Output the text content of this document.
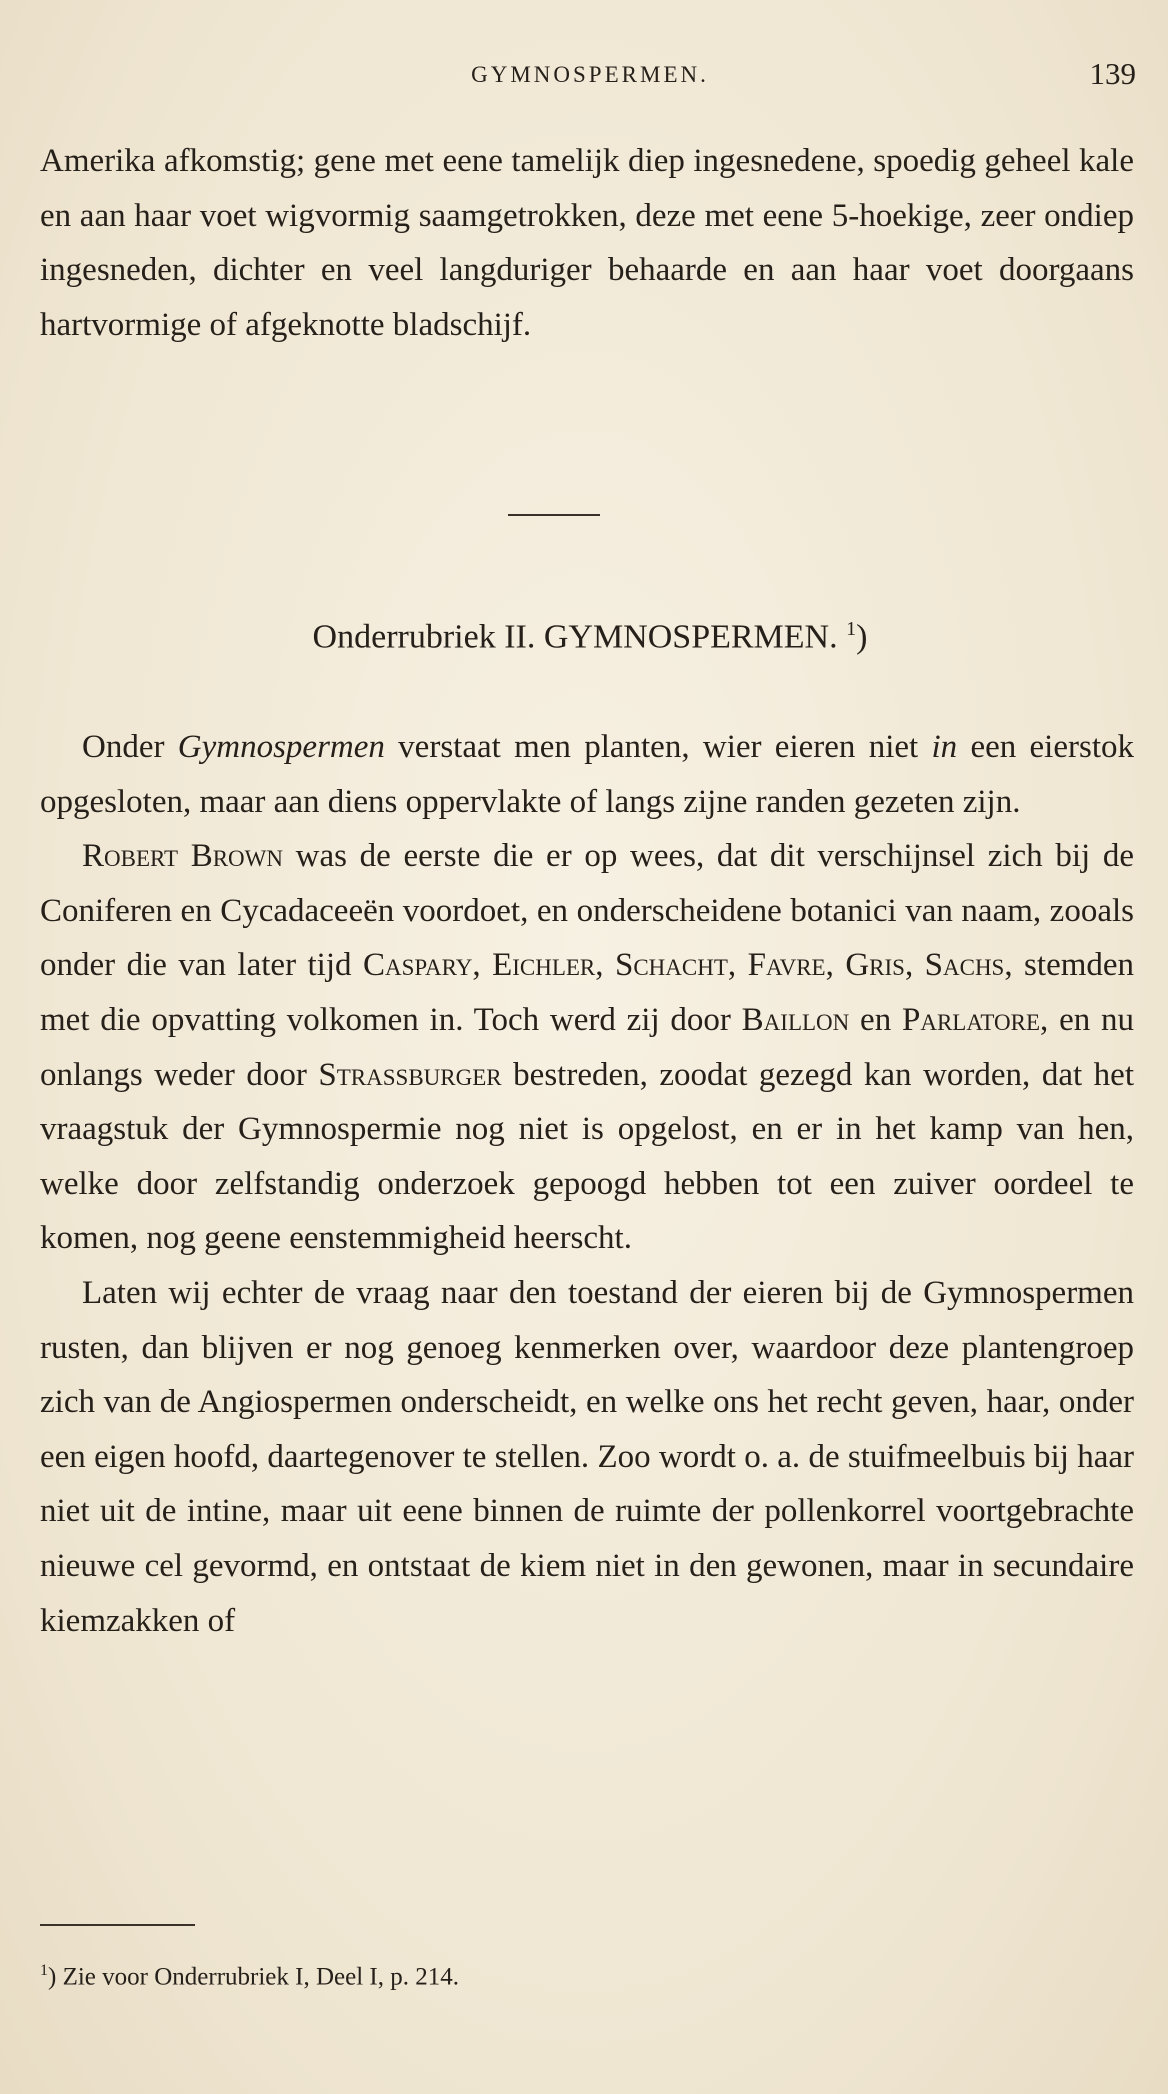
GYMNOSPERMEN.	139

Amerika afkomstig; gene met eene tamelijk diep ingesnedene, spoedig geheel kale en aan haar voet wigvormig saamgetrokken, deze met eene 5-hoekige, zeer ondiep ingesneden, dichter en veel langduriger behaarde en aan haar voet doorgaans hartvormige of afgeknotte bladschijf.

Onderrubriek II. GYMNOSPERMEN. $^1$)

Onder Gymnospermen verstaat men planten, wier eieren niet in een eierstok opgesloten, maar aan diens oppervlakte of langs zijne randen gezeten zijn.

Robert Brown was de eerste die er op wees, dat dit verschijnsel zich bij de Coniferen en Cycadaceeën voordoet, en onderscheidene botanici van naam, zooals onder die van later tijd Caspary, Eichler, Schacht, Favre, Gris, Sachs, stemden met die opvatting volkomen in. Toch werd zij door Baillon en Parlatore, en nu onlangs weder door Strassburger bestreden, zoodat gezegd kan worden, dat het vraagstuk der Gymnospermie nog niet is opgelost, en er in het kamp van hen, welke door zelfstandig onderzoek gepoogd hebben tot een zuiver oordeel te komen, nog geene eenstemmigheid heerscht.

Laten wij echter de vraag naar den toestand der eieren bij de Gymnospermen rusten, dan blijven er nog genoeg kenmerken over, waardoor deze plantengroep zich van de Angiospermen onderscheidt, en welke ons het recht geven, haar, onder een eigen hoofd, daartegenover te stellen. Zoo wordt o. a. de stuifmeelbuis bij haar niet uit de intine, maar uit eene binnen de ruimte der pollenkorrel voortgebrachte nieuwe cel gevormd, en ontstaat de kiem niet in den gewonen, maar in secundaire kiemzakken of

$^1$) Zie voor Onderrubriek I, Deel I, p. 214.
